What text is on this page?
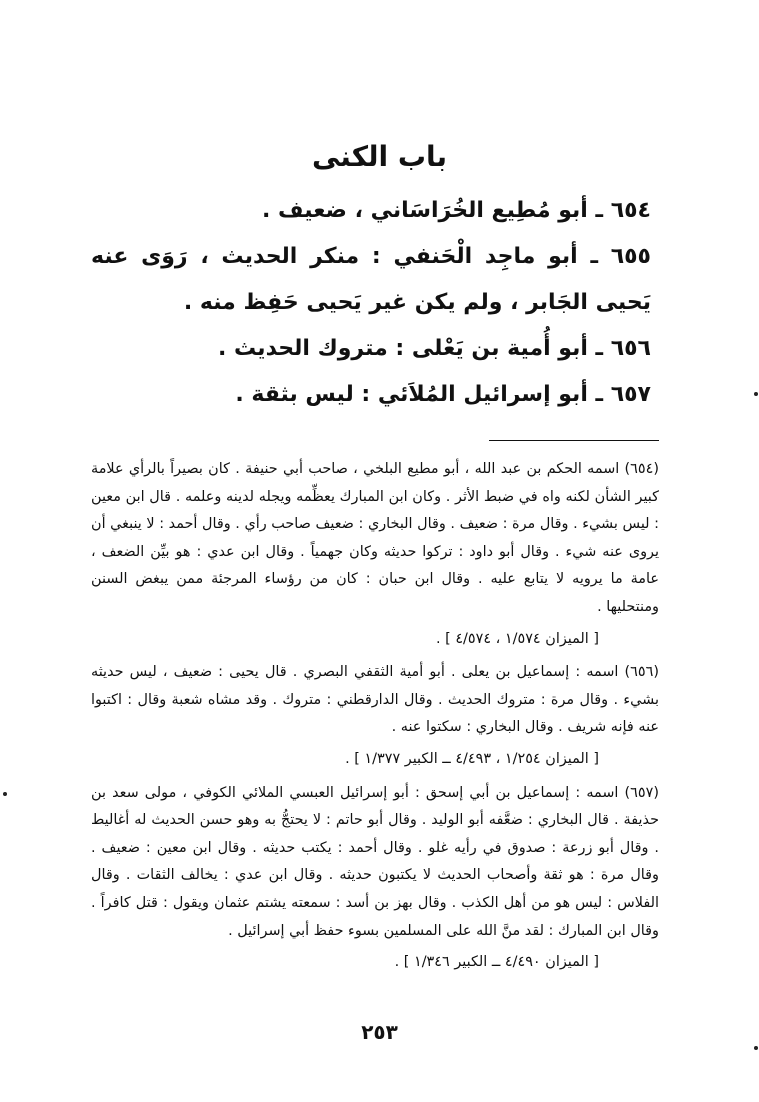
باب الكنى

٦٥٤ ـ أبو مُطِيع الخُرَاسَاني ، ضعيف .

٦٥٥ ـ أبو ماجِد الْحَنفي : منكر الحديث ، رَوَى عنه يَحيى الجَابر ، ولم يكن غير يَحيى حَفِظ منه .

٦٥٦ ـ أبو أُمية بن يَعْلى : متروك الحديث .

٦٥٧ ـ أبو إسرائيل المُلاَئي : ليس بثقة .

(٦٥٤) اسمه الحكم بن عبد الله ، أبو مطيع البلخي ، صاحب أبي حنيفة . كان بصيراً بالرأي علامة كبير الشأن لكنه واه في ضبط الأثر . وكان ابن المبارك يعظِّمه ويجله لدينه وعلمه . قال ابن معين : ليس بشيء . وقال مرة : ضعيف . وقال البخاري : ضعيف صاحب رأي . وقال أحمد : لا ينبغي أن يروى عنه شيء . وقال أبو داود : تركوا حديثه وكان جهمياً . وقال ابن عدي : هو بيِّن الضعف ، عامة ما يرويه لا يتابع عليه . وقال ابن حبان : كان من رؤساء المرجئة ممن يبغض السنن ومنتحليها .

[ الميزان ١/٥٧٤ ، ٤/٥٧٤ ] .

(٦٥٦) اسمه : إسماعيل بن يعلى . أبو أمية الثقفي البصري . قال يحيى : ضعيف ، ليس حديثه بشيء . وقال مرة : متروك الحديث . وقال الدارقطني : متروك . وقد مشاه شعبة وقال : اكتبوا عنه فإنه شريف . وقال البخاري : سكتوا عنه .

[ الميزان ١/٢٥٤ ، ٤/٤٩٣ ــ الكبير ١/٣٧٧ ] .

(٦٥٧) اسمه : إسماعيل بن أبي إسحق : أبو إسرائيل العبسي الملائي الكوفي ، مولى سعد بن حذيفة . قال البخاري : ضعَّفه أبو الوليد . وقال أبو حاتم : لا يحتجُّ به وهو حسن الحديث له أغاليط . وقال أبو زرعة : صدوق في رأيه غلو . وقال أحمد : يكتب حديثه . وقال ابن معين : ضعيف . وقال مرة : هو ثقة وأصحاب الحديث لا يكتبون حديثه . وقال ابن عدي : يخالف الثقات . وقال الفلاس : ليس هو من أهل الكذب . وقال بهز بن أسد : سمعته يشتم عثمان ويقول : قتل كافراً . وقال ابن المبارك : لقد منَّ الله على المسلمين بسوء حفظ أبي إسرائيل .

[ الميزان ٤/٤٩٠ ــ الكبير ١/٣٤٦ ] .

٢٥٣
